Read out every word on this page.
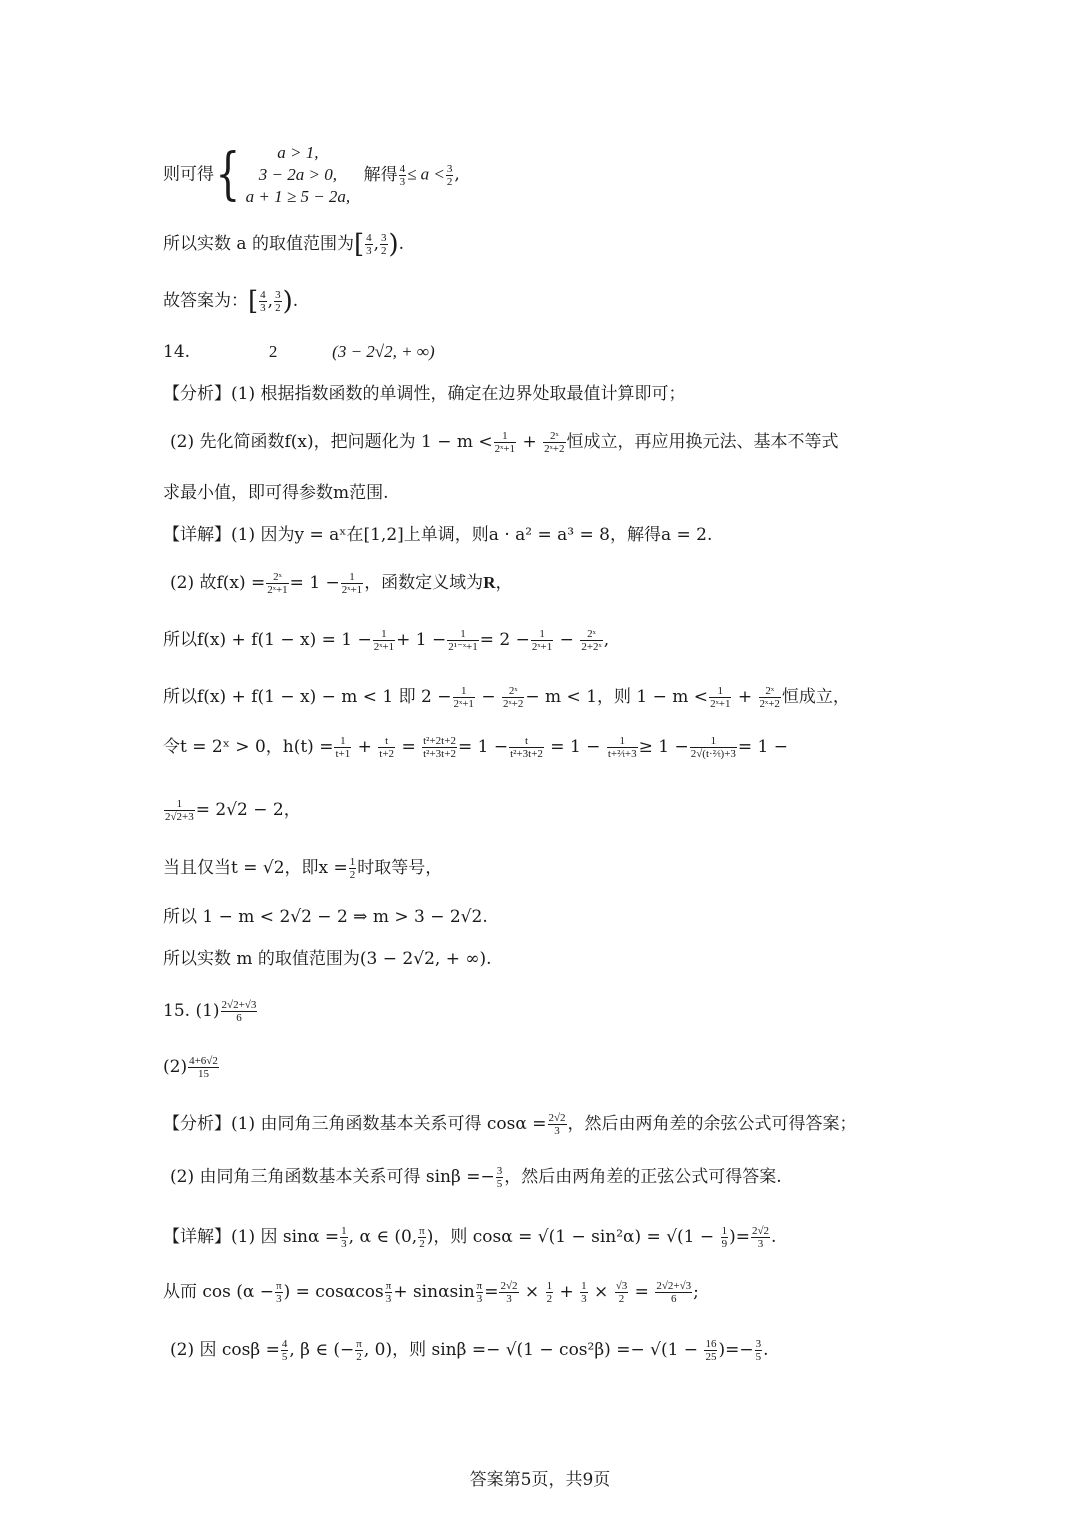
则可得{	a > 1,
3 − 2a > 0,
a + 1 ≥ 5 − 2a,
解得 $\frac{4}{3} \le a < \frac{3}{2}$ ,
所以实数 a 的取值范围为[ $\frac{4}{3}$ , $\frac{3}{2}$ ).
故答案为：[ $\frac{4}{3}$ , $\frac{3}{2}$ ).
14.	2	(3 − 2√2, + ∞)
【分析】(1) 根据指数函数的单调性，确定在边界处取最值计算即可；
(2) 先化简函数f(x)，把问题化为 $1 - m < \frac{1}{\text{2ˣ+1}} + \frac{\text{2ˣ}}{\text{2ˣ+2}}$ 恒成立，再应用换元法、基本不等式
求最小值，即可得参数m范围.
【详解】(1) 因为y = aˣ在[1,2]上单调，则a · a² = a³ = 8，解得a = 2.
(2) 故$f(x) = \frac{\text{2ˣ}}{\text{2ˣ+1}} = 1 - \frac{1}{\text{2ˣ+1}}$ ，函数定义域为R，
所以$f(x) + f(1 - x) = 1 - \frac{1}{\text{2ˣ+1}} + 1 - \frac{1}{\text{2¹⁻ˣ+1}} = 2 - \frac{1}{\text{2ˣ+1}} - \frac{\text{2ˣ}}{\text{2+2ˣ}}$ ,
所以f(x) + f(1 − x) − m < 1 即 $2 - \frac{1}{\text{2ˣ+1}} - \frac{\text{2ˣ}}{\text{2ˣ+2}} - m < 1$，则 $1 - m < \frac{1}{\text{2ˣ+1}} + \frac{\text{2ˣ}}{\text{2ˣ+2}}$ 恒成立，
令t = 2ˣ > 0，$h(t) = \frac{1}{t+1} + \frac{t}{t+2} = \frac{\text{t²+2t+2}}{\text{t²+3t+2}} = 1 - \frac{t}{\text{t²+3t+2}} = 1 - \frac{1}{\text{t+²⁄ₜ+3}} \ge 1 - \frac{1}{\text{2√(t·²⁄ₜ)+3}} = 1$ −
$\frac{1}{2√2+3} = 2√2 - 2$，
当且仅当t = √2，即$x = \frac{1}{2}$ 时取等号，
所以 1 − m < 2√2 − 2 ⇒ m > 3 − 2√2.
所以实数 m 的取值范围为(3 − 2√2, + ∞).
15. $(1) \frac{2√2+√3}{6}$
$(2) \frac{4+6√2}{15}$
【分析】(1) 由同角三角函数基本关系可得 $\cos\alpha = \frac{2√2}{3}$ ，然后由两角差的余弦公式可得答案；
(2) 由同角三角函数基本关系可得 $\sin\beta =- \frac{3}{5}$ ，然后由两角差的正弦公式可得答案.
【详解】(1) 因 $\sin\alpha = \frac{1}{3}$ , α ∈ (0, $\frac{\pi}{2}$ )，则 $\cos\alpha = √(1 - \sin^2\alpha) = √(1 - \frac{1}{9}$ )= $\frac{2√2}{3}$ .
从而 $\cos (\alpha - \frac{\pi}{3}$ ) = cosαcos $\frac{\pi}{3} + \sin\alpha\sin \frac{\pi}{3} = \frac{2√2}{3} \times \frac{1}{2} + \frac{1}{3} \times \frac{√3}{2} = \frac{2√2+√3}{6}$ ;
(2) 因 $\cos\beta = \frac{4}{5}$ , β ∈ (− $\frac{\pi}{2}$ , 0)，则 $\sin\beta =- √(1 - \cos^2\beta) =- √(1 - \frac{16}{25}$ )=− $\frac{3}{5}$ .
答案第5页，共9页
